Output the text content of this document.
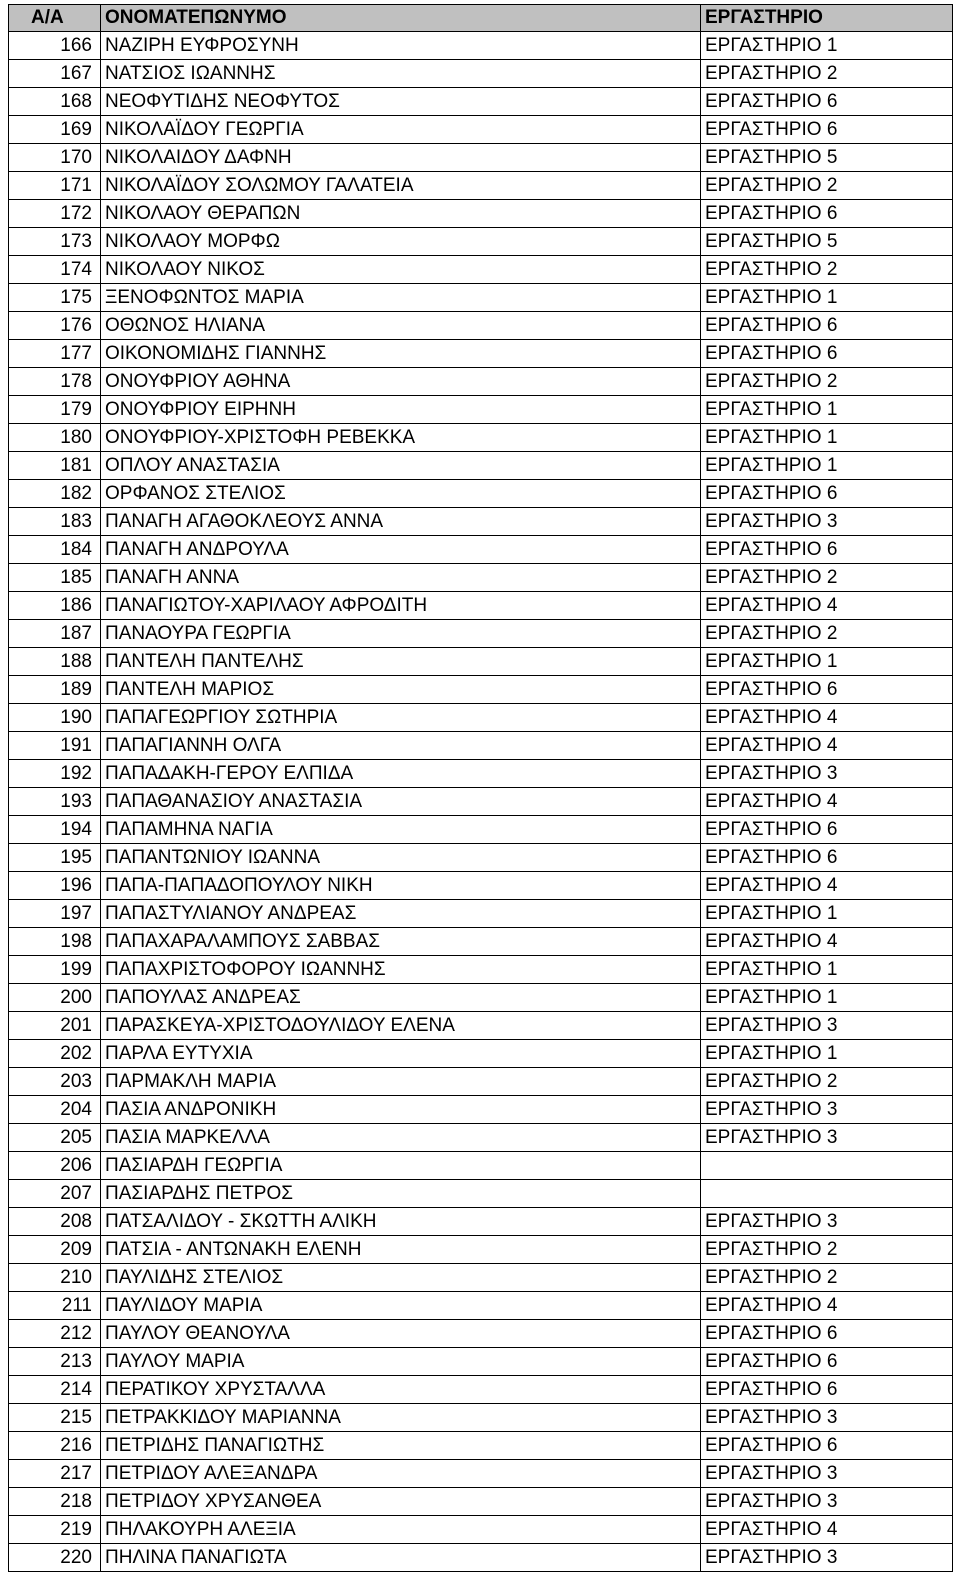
Α/Α	ΟΝΟΜΑΤΕΠΩΝΥΜΟ	ΕΡΓΑΣΤΗΡΙΟ
166	ΝΑΖΙΡΗ ΕΥΦΡΟΣΥΝΗ	ΕΡΓΑΣΤΗΡΙΟ 1
167	ΝΑΤΣΙΟΣ ΙΩΑΝΝΗΣ	ΕΡΓΑΣΤΗΡΙΟ 2
168	ΝΕΟΦΥΤΙΔΗΣ ΝΕΟΦΥΤΟΣ	ΕΡΓΑΣΤΗΡΙΟ 6
169	ΝΙΚΟΛΑΪΔΟΥ ΓΕΩΡΓΙΑ	ΕΡΓΑΣΤΗΡΙΟ 6
170	ΝΙΚΟΛΑΙΔΟΥ ΔΑΦΝΗ	ΕΡΓΑΣΤΗΡΙΟ 5
171	ΝΙΚΟΛΑΪΔΟΥ ΣΟΛΩΜΟΥ ΓΑΛΑΤΕΙΑ	ΕΡΓΑΣΤΗΡΙΟ 2
172	ΝΙΚΟΛΑΟΥ ΘΕΡΑΠΩΝ	ΕΡΓΑΣΤΗΡΙΟ 6
173	ΝΙΚΟΛΑΟΥ ΜΟΡΦΩ	ΕΡΓΑΣΤΗΡΙΟ 5
174	ΝΙΚΟΛΑΟΥ ΝΙΚΟΣ	ΕΡΓΑΣΤΗΡΙΟ 2
175	ΞΕΝΟΦΩΝΤΟΣ ΜΑΡΙΑ	ΕΡΓΑΣΤΗΡΙΟ 1
176	ΟΘΩΝΟΣ ΗΛΙΑΝΑ	ΕΡΓΑΣΤΗΡΙΟ 6
177	ΟΙΚΟΝΟΜΙΔΗΣ ΓΙΑΝΝΗΣ	ΕΡΓΑΣΤΗΡΙΟ 6
178	ΟΝΟΥΦΡΙΟΥ ΑΘΗΝΑ	ΕΡΓΑΣΤΗΡΙΟ 2
179	ΟΝΟΥΦΡΙΟΥ ΕΙΡΗΝΗ	ΕΡΓΑΣΤΗΡΙΟ 1
180	ΟΝΟΥΦΡΙΟΥ-ΧΡΙΣΤΟΦΗ ΡΕΒΕΚΚΑ	ΕΡΓΑΣΤΗΡΙΟ 1
181	ΟΠΛΟΥ ΑΝΑΣΤΑΣΙΑ	ΕΡΓΑΣΤΗΡΙΟ 1
182	ΟΡΦΑΝΟΣ ΣΤΕΛΙΟΣ	ΕΡΓΑΣΤΗΡΙΟ 6
183	ΠΑΝΑΓΗ ΑΓΑΘΟΚΛΕΟΥΣ ΑΝΝΑ	ΕΡΓΑΣΤΗΡΙΟ 3
184	ΠΑΝΑΓΗ ΑΝΔΡΟΥΛΑ	ΕΡΓΑΣΤΗΡΙΟ 6
185	ΠΑΝΑΓΗ ΑΝΝΑ	ΕΡΓΑΣΤΗΡΙΟ 2
186	ΠΑΝΑΓΙΩΤΟΥ-ΧΑΡΙΛΑΟΥ ΑΦΡΟΔΙΤΗ	ΕΡΓΑΣΤΗΡΙΟ 4
187	ΠΑΝΑΟΥΡΑ ΓΕΩΡΓΙΑ	ΕΡΓΑΣΤΗΡΙΟ 2
188	ΠΑΝΤΕΛΗ ΠΑΝΤΕΛΗΣ	ΕΡΓΑΣΤΗΡΙΟ 1
189	ΠΑΝΤΕΛΗ ΜΑΡΙΟΣ	ΕΡΓΑΣΤΗΡΙΟ 6
190	ΠΑΠΑΓΕΩΡΓΙΟΥ ΣΩΤΗΡΙΑ	ΕΡΓΑΣΤΗΡΙΟ 4
191	ΠΑΠΑΓΙΑΝΝΗ ΟΛΓΑ	ΕΡΓΑΣΤΗΡΙΟ 4
192	ΠΑΠΑΔΑΚΗ-ΓΕΡΟΥ ΕΛΠΙΔΑ	ΕΡΓΑΣΤΗΡΙΟ 3
193	ΠΑΠΑΘΑΝΑΣΙΟΥ ΑΝΑΣΤΑΣΙΑ	ΕΡΓΑΣΤΗΡΙΟ 4
194	ΠΑΠΑΜΗΝΑ ΝΑΓΙΑ	ΕΡΓΑΣΤΗΡΙΟ 6
195	ΠΑΠΑΝΤΩΝΙΟΥ ΙΩΑΝΝΑ	ΕΡΓΑΣΤΗΡΙΟ 6
196	ΠΑΠΑ-ΠΑΠΑΔΟΠΟΥΛΟΥ ΝΙΚΗ	ΕΡΓΑΣΤΗΡΙΟ 4
197	ΠΑΠΑΣΤΥΛΙΑΝΟΥ ΑΝΔΡΕΑΣ	ΕΡΓΑΣΤΗΡΙΟ 1
198	ΠΑΠΑΧΑΡΑΛΑΜΠΟΥΣ ΣΑΒΒΑΣ	ΕΡΓΑΣΤΗΡΙΟ 4
199	ΠΑΠΑΧΡΙΣΤΟΦΟΡΟΥ ΙΩΑΝΝΗΣ	ΕΡΓΑΣΤΗΡΙΟ 1
200	ΠΑΠΟΥΛΑΣ ΑΝΔΡΕΑΣ	ΕΡΓΑΣΤΗΡΙΟ 1
201	ΠΑΡΑΣΚΕΥΑ-ΧΡΙΣΤΟΔΟΥΛΙΔΟΥ ΕΛΕΝΑ	ΕΡΓΑΣΤΗΡΙΟ 3
202	ΠΑΡΛΑ ΕΥΤΥΧΙΑ	ΕΡΓΑΣΤΗΡΙΟ 1
203	ΠΑΡΜΑΚΛΗ ΜΑΡΙΑ	ΕΡΓΑΣΤΗΡΙΟ 2
204	ΠΑΣΙΑ ΑΝΔΡΟΝΙΚΗ	ΕΡΓΑΣΤΗΡΙΟ 3
205	ΠΑΣΙΑ ΜΑΡΚΕΛΛΑ	ΕΡΓΑΣΤΗΡΙΟ 3
206	ΠΑΣΙΑΡΔΗ ΓΕΩΡΓΙΑ	
207	ΠΑΣΙΑΡΔΗΣ ΠΕΤΡΟΣ	
208	ΠΑΤΣΑΛΙΔΟΥ - ΣΚΩΤΤΗ ΑΛΙΚΗ	ΕΡΓΑΣΤΗΡΙΟ 3
209	ΠΑΤΣΙΑ - ΑΝΤΩΝΑΚΗ ΕΛΕΝΗ	ΕΡΓΑΣΤΗΡΙΟ 2
210	ΠΑΥΛΙΔΗΣ ΣΤΕΛΙΟΣ	ΕΡΓΑΣΤΗΡΙΟ 2
211	ΠΑΥΛΙΔΟΥ ΜΑΡΙΑ	ΕΡΓΑΣΤΗΡΙΟ 4
212	ΠΑΥΛΟΥ ΘΕΑΝΟΥΛΑ	ΕΡΓΑΣΤΗΡΙΟ 6
213	ΠΑΥΛΟΥ ΜΑΡΙΑ	ΕΡΓΑΣΤΗΡΙΟ 6
214	ΠΕΡΑΤΙΚΟΥ ΧΡΥΣΤΑΛΛΑ	ΕΡΓΑΣΤΗΡΙΟ 6
215	ΠΕΤΡΑΚΚΙΔΟΥ ΜΑΡΙΑΝΝΑ	ΕΡΓΑΣΤΗΡΙΟ 3
216	ΠΕΤΡΙΔΗΣ ΠΑΝΑΓΙΩΤΗΣ	ΕΡΓΑΣΤΗΡΙΟ 6
217	ΠΕΤΡΙΔΟΥ ΑΛΕΞΑΝΔΡΑ	ΕΡΓΑΣΤΗΡΙΟ 3
218	ΠΕΤΡΙΔΟΥ ΧΡΥΣΑΝΘΕΑ	ΕΡΓΑΣΤΗΡΙΟ 3
219	ΠΗΛΑΚΟΥΡΗ ΑΛΕΞΙΑ	ΕΡΓΑΣΤΗΡΙΟ 4
220	ΠΗΛΙΝΑ ΠΑΝΑΓΙΩΤΑ	ΕΡΓΑΣΤΗΡΙΟ 3
